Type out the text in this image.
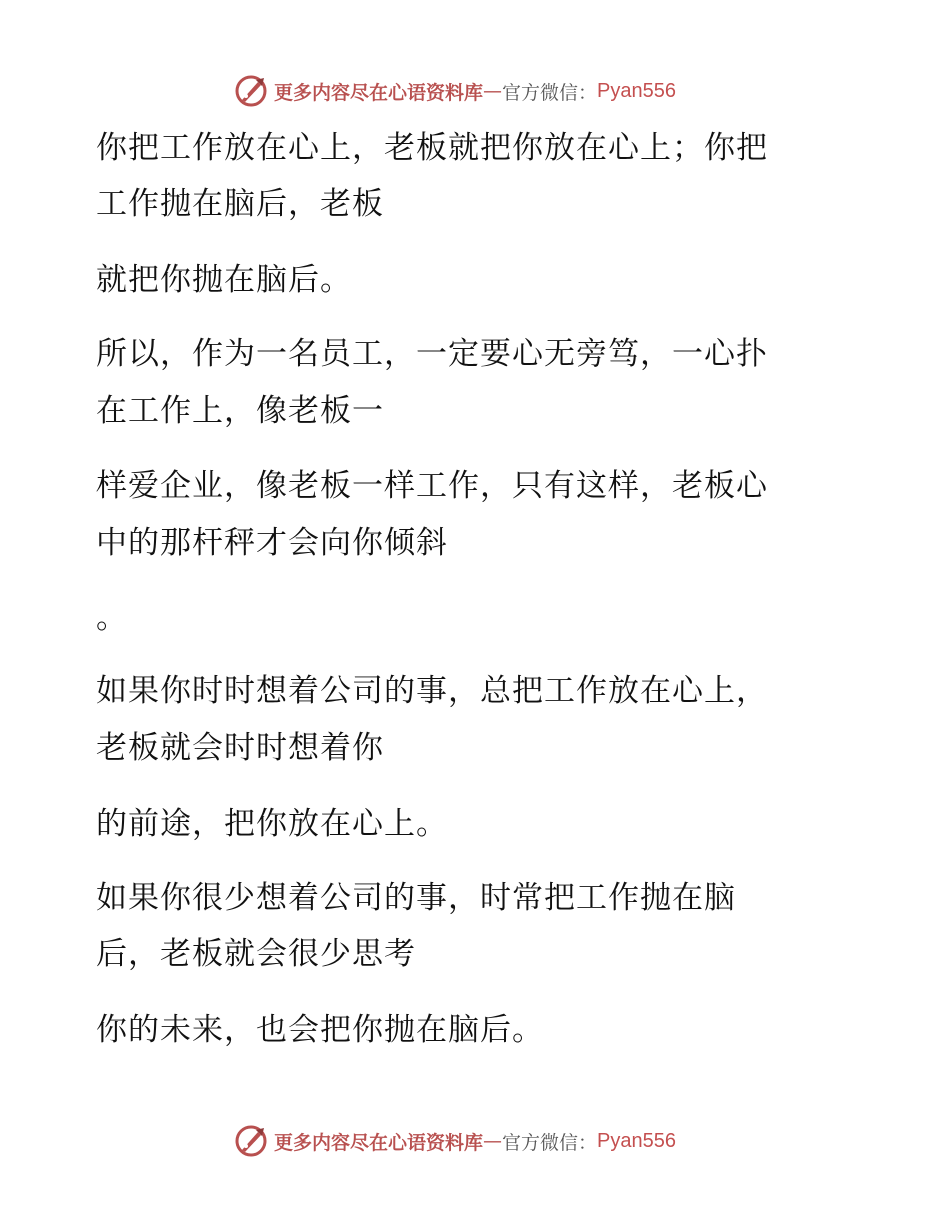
更多内容尽在心语资料库 — 官方微信： Pyan556
你把工作放在心上，老板就把你放在心上；你把
工作抛在脑后，老板
就把你抛在脑后。
所以，作为一名员工，一定要心无旁笃，一心扑
在工作上，像老板一
样爱企业，像老板一样工作，只有这样，老板心
中的那杆秤才会向你倾斜
。
如果你时时想着公司的事，总把工作放在心上，
老板就会时时想着你
的前途，把你放在心上。
如果你很少想着公司的事，时常把工作抛在脑
后，老板就会很少思考
你的未来，也会把你抛在脑后。
更多内容尽在心语资料库 — 官方微信： Pyan556
